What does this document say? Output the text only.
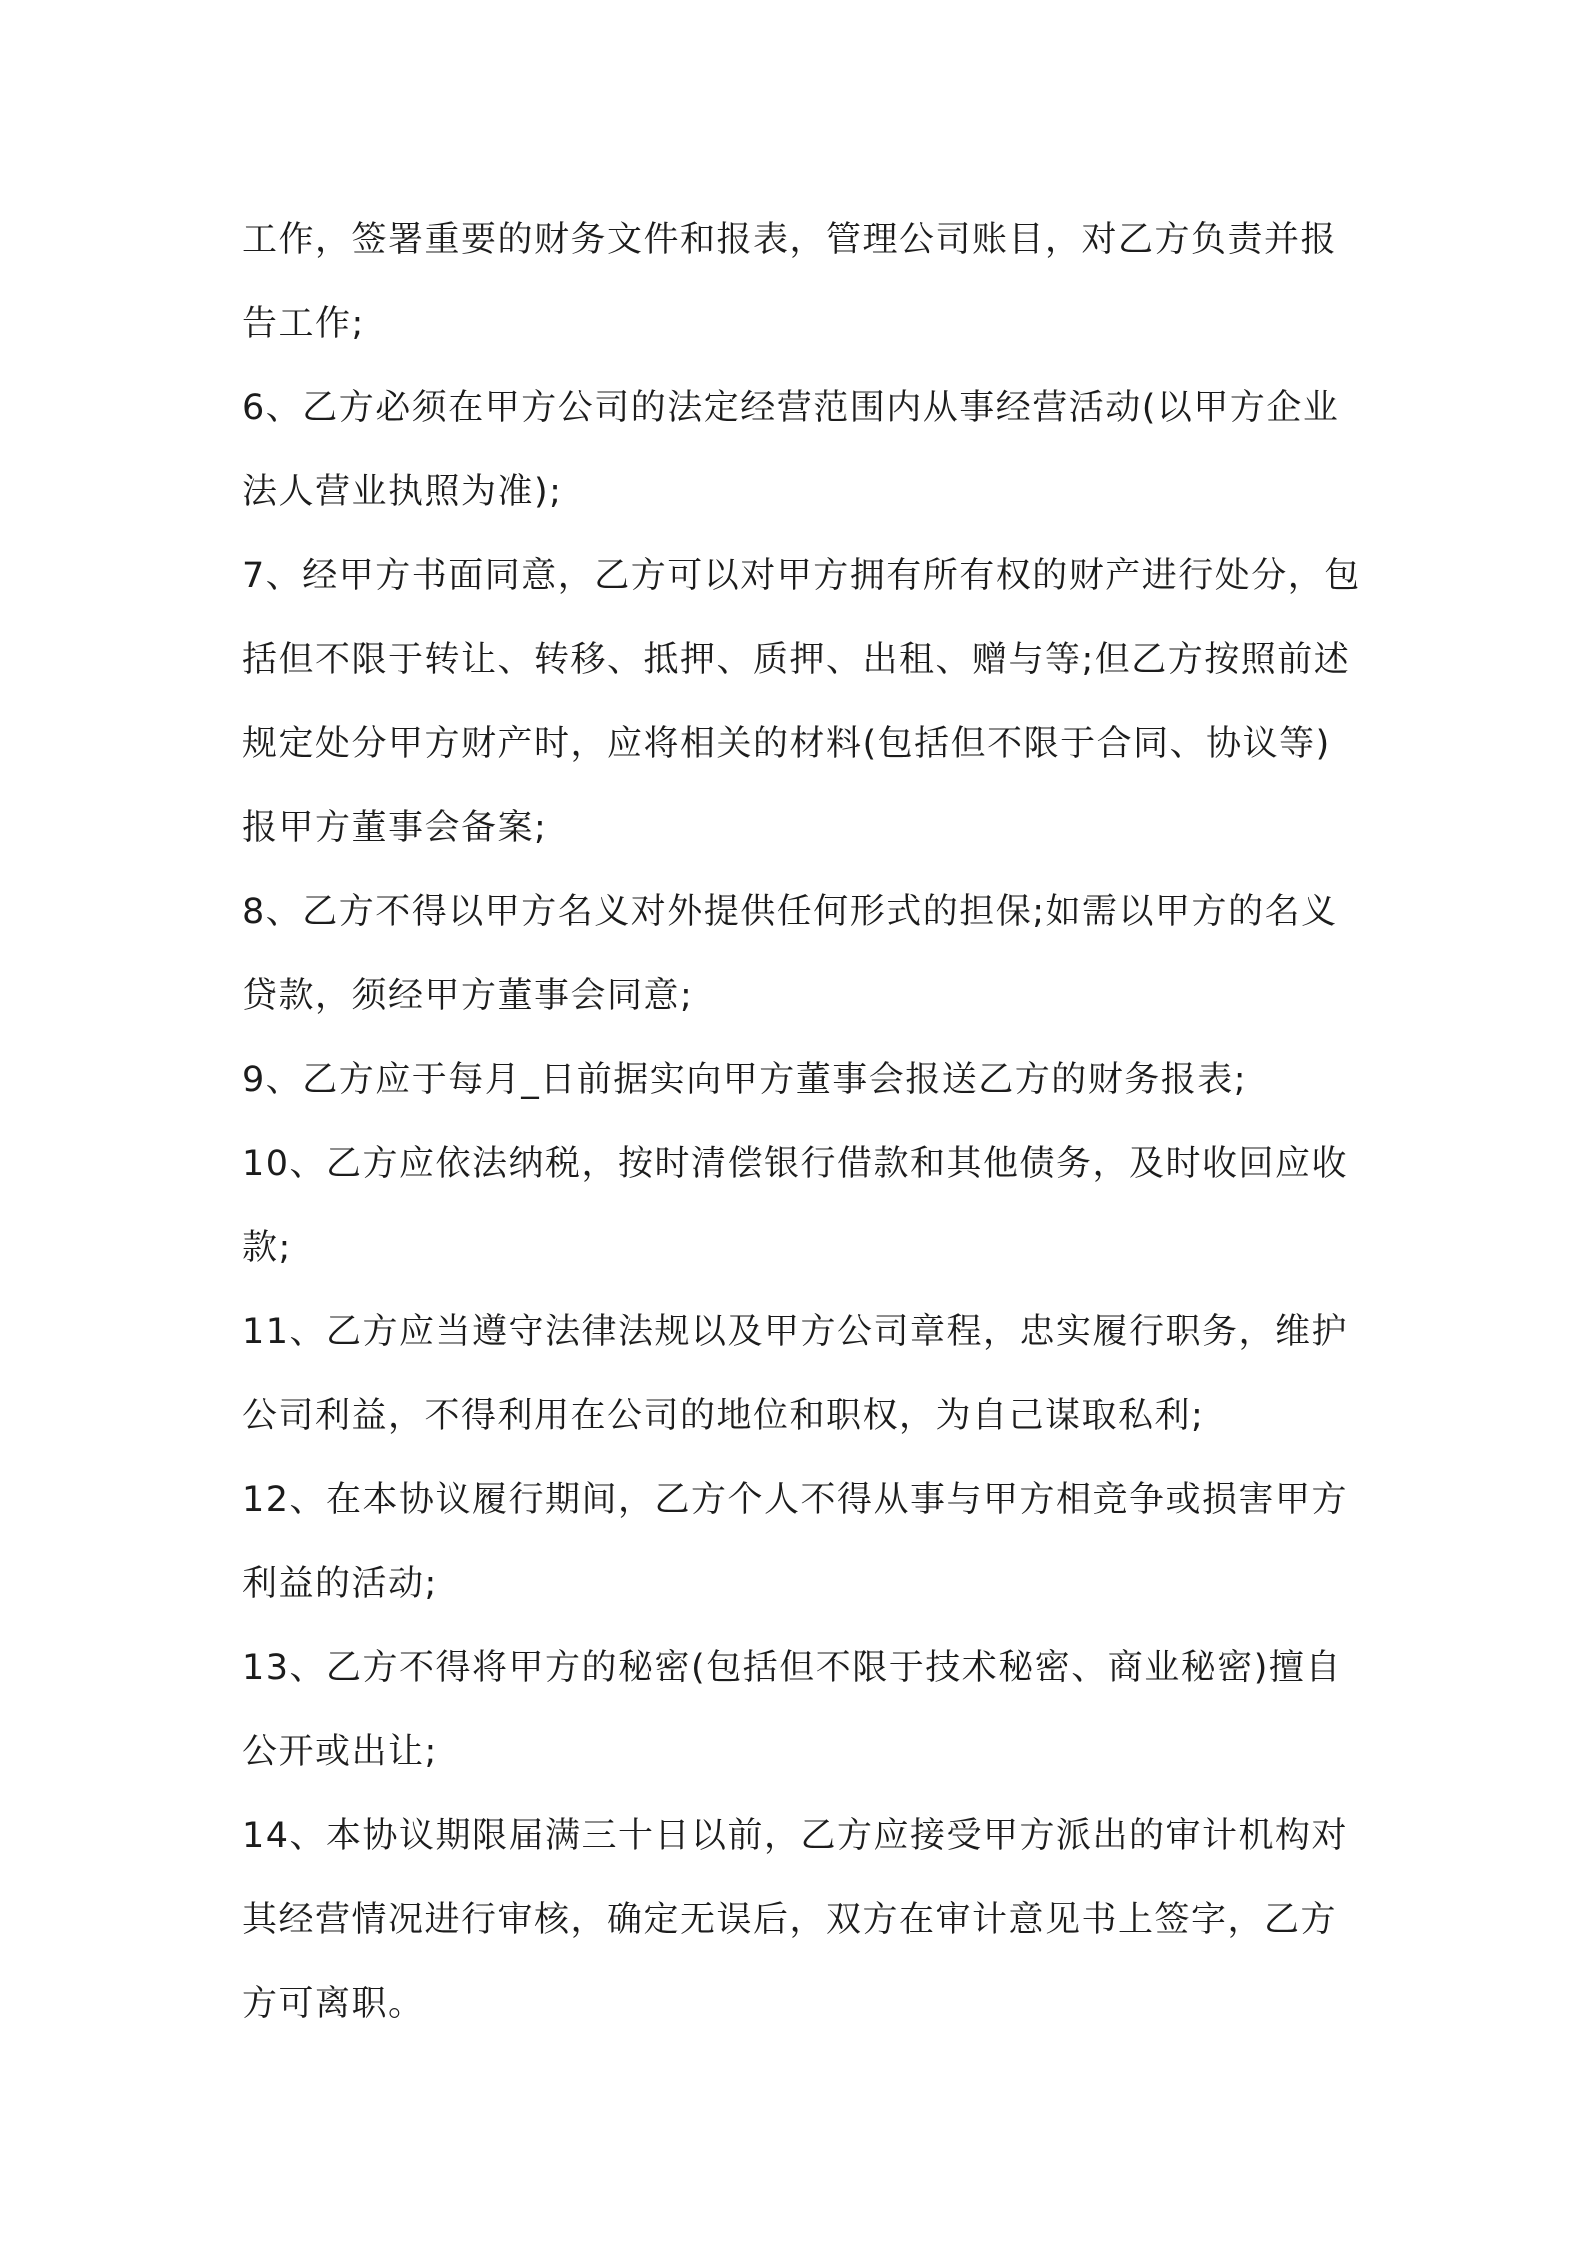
工作，签署重要的财务文件和报表，管理公司账目，对乙方负责并报告工作;

6、乙方必须在甲方公司的法定经营范围内从事经营活动(以甲方企业法人营业执照为准);

7、经甲方书面同意，乙方可以对甲方拥有所有权的财产进行处分，包括但不限于转让、转移、抵押、质押、出租、赠与等;但乙方按照前述规定处分甲方财产时，应将相关的材料(包括但不限于合同、协议等)报甲方董事会备案;

8、乙方不得以甲方名义对外提供任何形式的担保;如需以甲方的名义贷款，须经甲方董事会同意;

9、乙方应于每月_日前据实向甲方董事会报送乙方的财务报表;

10、乙方应依法纳税，按时清偿银行借款和其他债务，及时收回应收款;

11、乙方应当遵守法律法规以及甲方公司章程，忠实履行职务，维护公司利益，不得利用在公司的地位和职权，为自己谋取私利;

12、在本协议履行期间，乙方个人不得从事与甲方相竞争或损害甲方利益的活动;

13、乙方不得将甲方的秘密(包括但不限于技术秘密、商业秘密)擅自公开或出让;

14、本协议期限届满三十日以前，乙方应接受甲方派出的审计机构对其经营情况进行审核，确定无误后，双方在审计意见书上签字，乙方方可离职。
